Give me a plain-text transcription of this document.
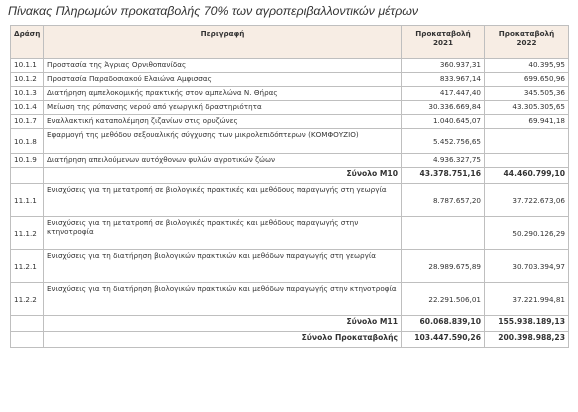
Πίνακας Πληρωμών προκαταβολής 70% των αγροπεριβαλλοντικών μέτρων
Δράση	Περιγραφή	Προκαταβολή 2021	Προκαταβολή 2022
10.1.1	Προστασία της Άγριας Ορνιθοπανίδας	360.937,31	40.395,95
10.1.2	Προστασία Παραδοσιακού Ελαιώνα Αμφισσας	833.967,14	699.650,96
10.1.3	Διατήρηση αμπελοκομικής πρακτικής στον αμπελώνα Ν. Θήρας	417.447,40	345.505,36
10.1.4	Μείωση της ρύπανσης νερού από γεωργική δραστηριότητα	30.336.669,84	43.305.305,65
10.1.7	Εναλλακτική καταπολέμηση ζιζανίων στις ορυζώνες	1.040.645,07	69.941,18
10.1.8	Εφαρμογή της μεθόδου σεξουαλικής σύγχυσης των μικρολεπιδόπτερων (ΚΟΜΦΟΥΖΙΟ)	5.452.756,65	
10.1.9	Διατήρηση απειλούμενων αυτόχθονων φυλών αγροτικών ζώων	4.936.327,75	
	Σύνολο Μ10	43.378.751,16	44.460.799,10
11.1.1	Ενισχύσεις για τη μετατροπή σε βιολογικές πρακτικές και μεθόδους παραγωγής στη γεωργία	8.787.657,20	37.722.673,06
11.1.2	Ενισχύσεις για τη μετατροπή σε βιολογικές πρακτικές και μεθόδους παραγωγής στην κτηνοτροφία		50.290.126,29
11.2.1	Ενισχύσεις για τη διατήρηση βιολογικών πρακτικών και μεθόδων παραγωγής στη γεωργία	28.989.675,89	30.703.394,97
11.2.2	Ενισχύσεις για τη διατήρηση βιολογικών πρακτικών και μεθόδων παραγωγής στην κτηνοτροφία	22.291.506,01	37.221.994,81
	Σύνολο Μ11	60.068.839,10	155.938.189,13
	Σύνολο Προκαταβολής	103.447.590,26	200.398.988,23
